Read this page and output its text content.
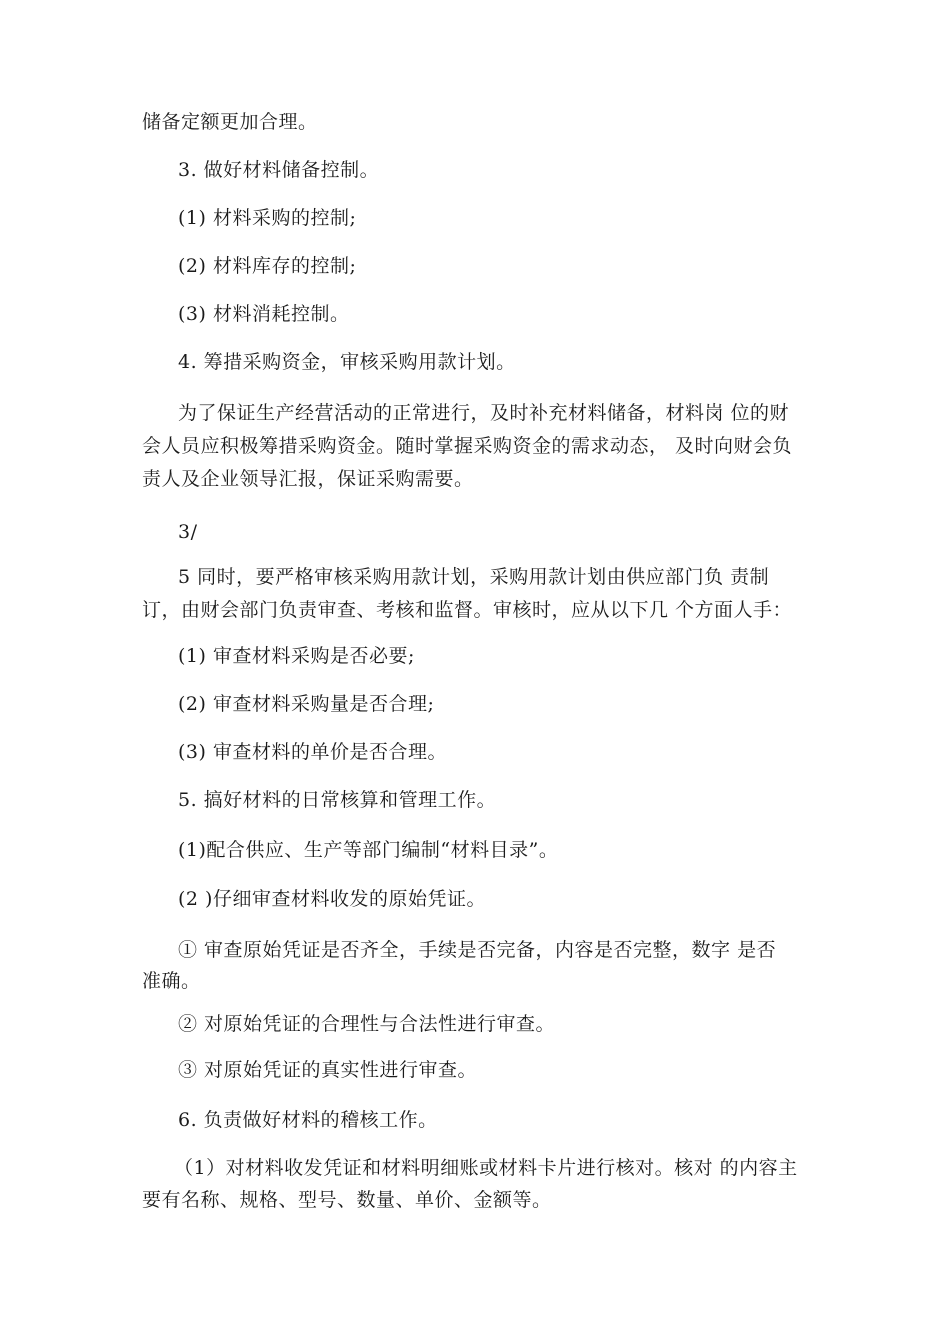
储备定额更加合理。
3. 做好材料储备控制。
(1) 材料采购的控制;
(2) 材料库存的控制;
(3) 材料消耗控制。
4. 筹措采购资金，审核采购用款计划。
为了保证生产经营活动的正常进行，及时补充材料储备，材料岗 位的财
会人员应积极筹措采购资金。随时掌握采购资金的需求动态， 及时向财会负
责人及企业领导汇报，保证采购需要。
3/
5 同时，要严格审核采购用款计划，采购用款计划由供应部门负 责制
订，由财会部门负责审查、考核和监督。审核时，应从以下几 个方面人手：
(1) 审查材料采购是否必要;
(2) 审查材料采购量是否合理;
(3) 审查材料的单价是否合理。
5. 搞好材料的日常核算和管理工作。
(1)配合供应、生产等部门编制“材料目录”。
(2 )仔细审查材料收发的原始凭证。
① 审查原始凭证是否齐全，手续是否完备，内容是否完整，数字 是否
准确。
② 对原始凭证的合理性与合法性进行审查。
③ 对原始凭证的真实性进行审查。
6. 负责做好材料的稽核工作。
（1）对材料收发凭证和材料明细账或材料卡片进行核对。核对 的内容主
要有名称、规格、型号、数量、单价、金额等。
